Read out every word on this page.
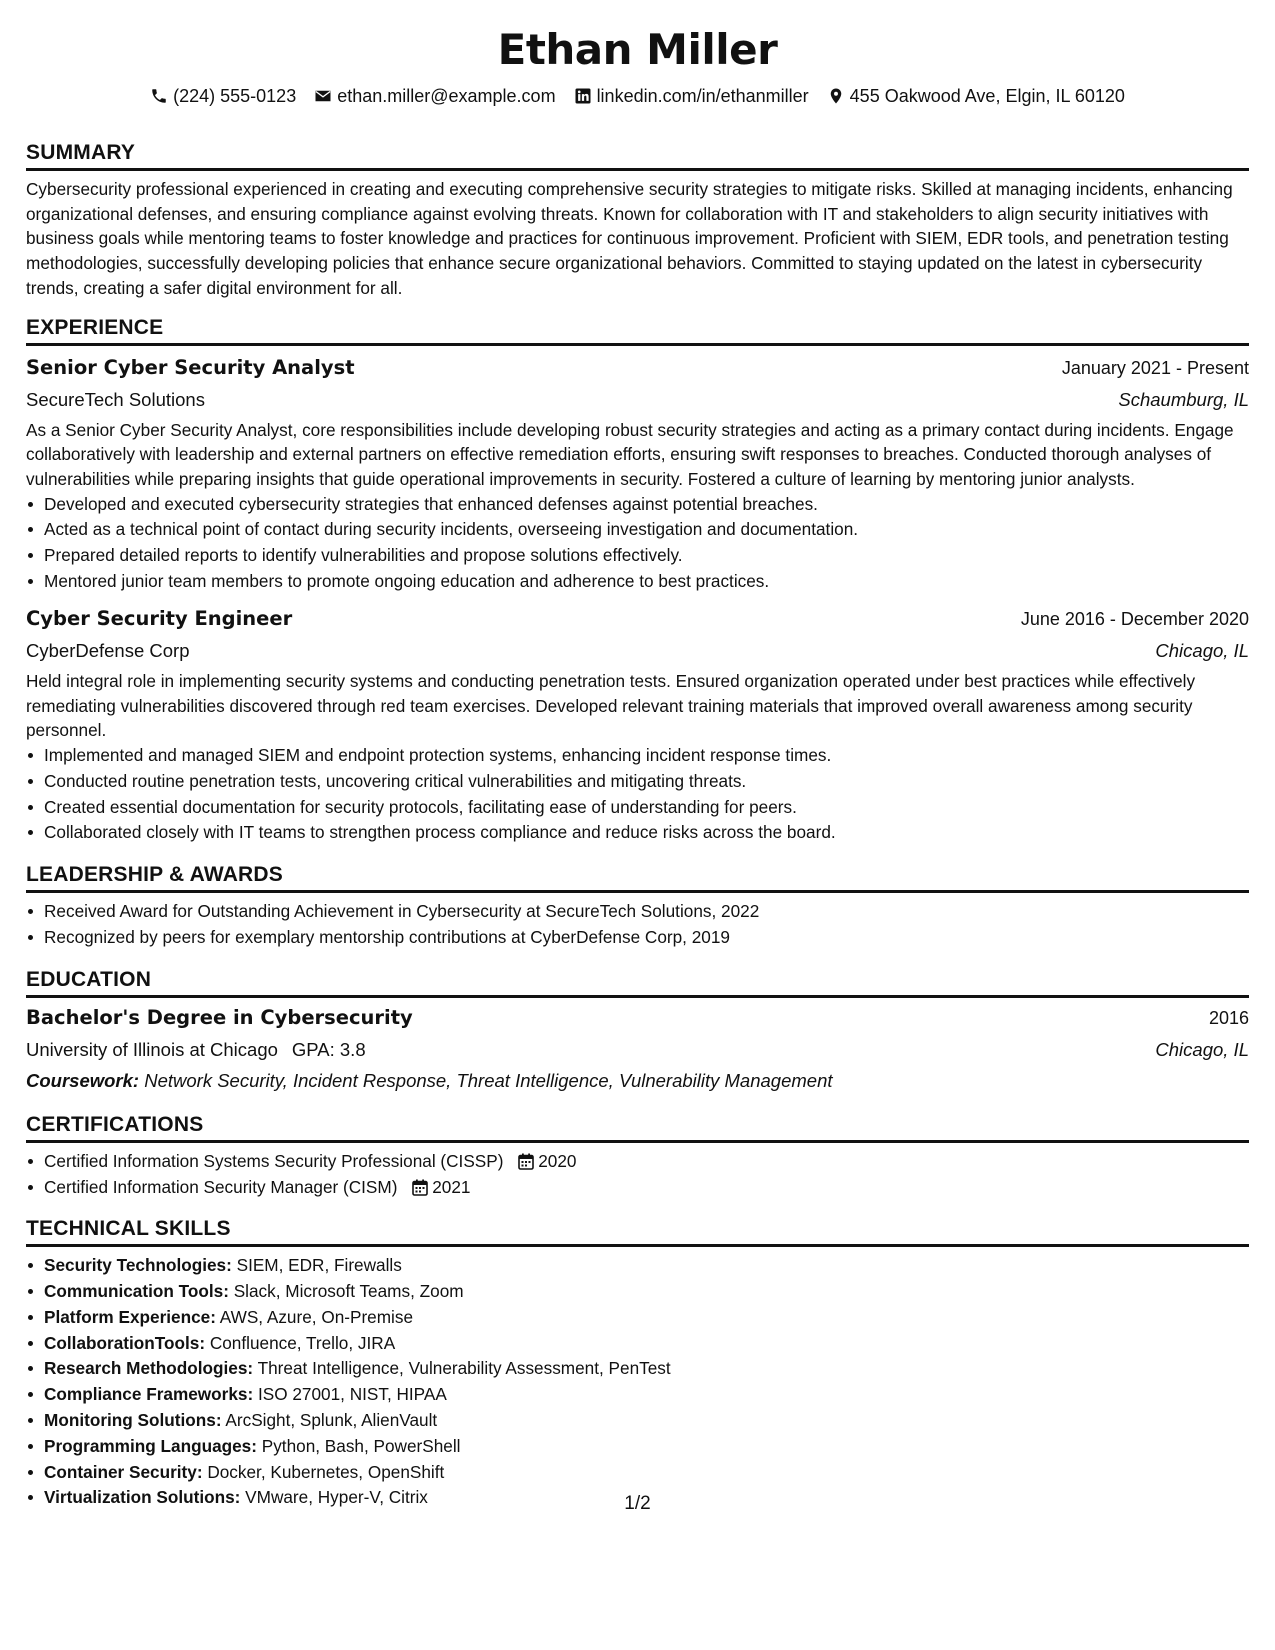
Ethan Miller
(224) 555-0123 ethan.miller@example.com linkedin.com/in/ethanmiller 455 Oakwood Ave, Elgin, IL 60120
SUMMARY
Cybersecurity professional experienced in creating and executing comprehensive security strategies to mitigate risks. Skilled at managing incidents, enhancing organizational defenses, and ensuring compliance against evolving threats. Known for collaboration with IT and stakeholders to align security initiatives with business goals while mentoring teams to foster knowledge and practices for continuous improvement. Proficient with SIEM, EDR tools, and penetration testing methodologies, successfully developing policies that enhance secure organizational behaviors. Committed to staying updated on the latest in cybersecurity trends, creating a safer digital environment for all.
EXPERIENCE
Senior Cyber Security Analyst	January 2021 - Present
SecureTech Solutions	Schaumburg, IL
As a Senior Cyber Security Analyst, core responsibilities include developing robust security strategies and acting as a primary contact during incidents. Engage collaboratively with leadership and external partners on effective remediation efforts, ensuring swift responses to breaches. Conducted thorough analyses of vulnerabilities while preparing insights that guide operational improvements in security. Fostered a culture of learning by mentoring junior analysts.
Developed and executed cybersecurity strategies that enhanced defenses against potential breaches.
Acted as a technical point of contact during security incidents, overseeing investigation and documentation.
Prepared detailed reports to identify vulnerabilities and propose solutions effectively.
Mentored junior team members to promote ongoing education and adherence to best practices.
Cyber Security Engineer	June 2016 - December 2020
CyberDefense Corp	Chicago, IL
Held integral role in implementing security systems and conducting penetration tests. Ensured organization operated under best practices while effectively remediating vulnerabilities discovered through red team exercises. Developed relevant training materials that improved overall awareness among security personnel.
Implemented and managed SIEM and endpoint protection systems, enhancing incident response times.
Conducted routine penetration tests, uncovering critical vulnerabilities and mitigating threats.
Created essential documentation for security protocols, facilitating ease of understanding for peers.
Collaborated closely with IT teams to strengthen process compliance and reduce risks across the board.
LEADERSHIP & AWARDS
Received Award for Outstanding Achievement in Cybersecurity at SecureTech Solutions, 2022
Recognized by peers for exemplary mentorship contributions at CyberDefense Corp, 2019
EDUCATION
Bachelor's Degree in Cybersecurity	2016
University of Illinois at Chicago GPA: 3.8	Chicago, IL
Coursework: Network Security, Incident Response, Threat Intelligence, Vulnerability Management
CERTIFICATIONS
Certified Information Systems Security Professional (CISSP) 2020
Certified Information Security Manager (CISM) 2021
TECHNICAL SKILLS
Security Technologies: SIEM, EDR, Firewalls
Communication Tools: Slack, Microsoft Teams, Zoom
Platform Experience: AWS, Azure, On-Premise
CollaborationTools: Confluence, Trello, JIRA
Research Methodologies: Threat Intelligence, Vulnerability Assessment, PenTest
Compliance Frameworks: ISO 27001, NIST, HIPAA
Monitoring Solutions: ArcSight, Splunk, AlienVault
Programming Languages: Python, Bash, PowerShell
Container Security: Docker, Kubernetes, OpenShift
Virtualization Solutions: VMware, Hyper-V, Citrix	1/2
